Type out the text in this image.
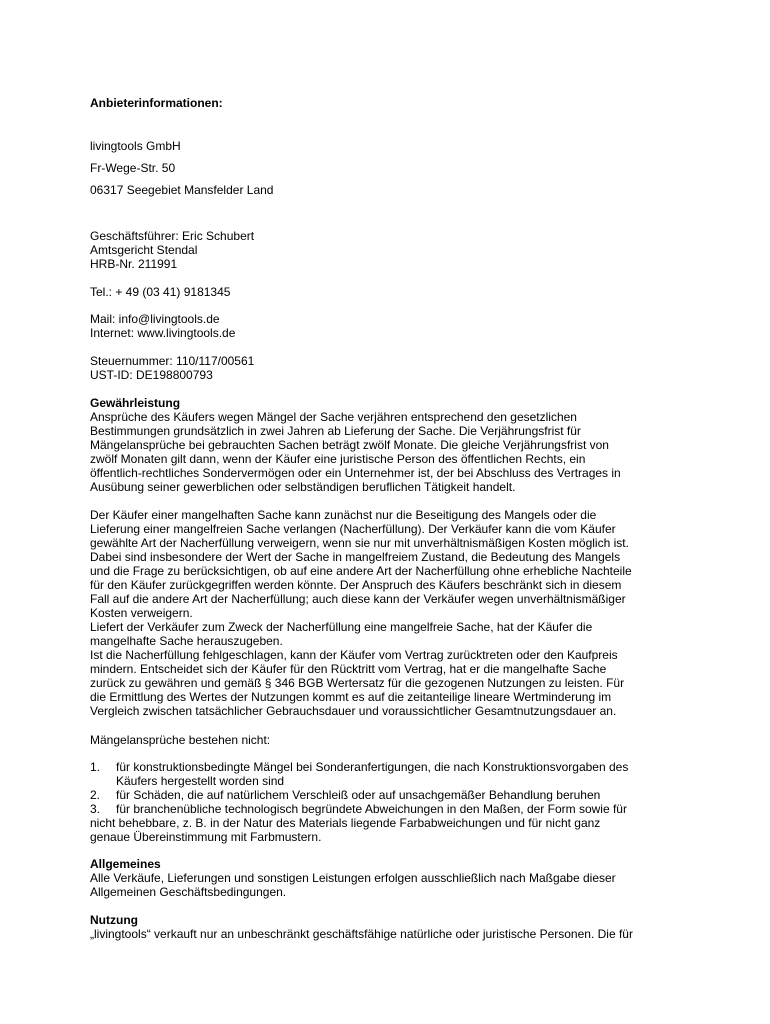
Anbieterinformationen:
livingtools GmbH
Fr-Wege-Str. 50
06317 Seegebiet Mansfelder Land
Geschäftsführer: Eric Schubert
Amtsgericht Stendal
HRB-Nr. 211991
Tel.: + 49 (03 41) 9181345
Mail: info@livingtools.de
Internet: www.livingtools.de
Steuernummer: 110/117/00561
UST-ID: DE198800793
Gewährleistung

Ansprüche des Käufers wegen Mängel der Sache verjähren entsprechend den gesetzlichen

Bestimmungen grundsätzlich in zwei Jahren ab Lieferung der Sache. Die Verjährungsfrist für

Mängelansprüche bei gebrauchten Sachen beträgt zwölf Monate. Die gleiche Verjährungsfrist von

zwölf Monaten gilt dann, wenn der Käufer eine juristische Person des öffentlichen Rechts, ein

öffentlich-rechtliches Sondervermögen oder ein Unternehmer ist, der bei Abschluss des Vertrages in

Ausübung seiner gewerblichen oder selbständigen beruflichen Tätigkeit handelt.

Der Käufer einer mangelhaften Sache kann zunächst nur die Beseitigung des Mangels oder die

Lieferung einer mangelfreien Sache verlangen (Nacherfüllung). Der Verkäufer kann die vom Käufer

gewählte Art der Nacherfüllung verweigern, wenn sie nur mit unverhältnismäßigen Kosten möglich ist.

Dabei sind insbesondere der Wert der Sache in mangelfreiem Zustand, die Bedeutung des Mangels

und die Frage zu berücksichtigen, ob auf eine andere Art der Nacherfüllung ohne erhebliche Nachteile

für den Käufer zurückgegriffen werden könnte. Der Anspruch des Käufers beschränkt sich in diesem

Fall auf die andere Art der Nacherfüllung; auch diese kann der Verkäufer wegen unverhältnismäßiger

Kosten verweigern.

Liefert der Verkäufer zum Zweck der Nacherfüllung eine mangelfreie Sache, hat der Käufer die

mangelhafte Sache herauszugeben.

Ist die Nacherfüllung fehlgeschlagen, kann der Käufer vom Vertrag zurücktreten oder den Kaufpreis

mindern. Entscheidet sich der Käufer für den Rücktritt vom Vertrag, hat er die mangelhafte Sache

zurück zu gewähren und gemäß § 346 BGB Wertersatz für die gezogenen Nutzungen zu leisten. Für

die Ermittlung des Wertes der Nutzungen kommt es auf die zeitanteilige lineare Wertminderung im

Vergleich zwischen tatsächlicher Gebrauchsdauer und voraussichtlicher Gesamtnutzungsdauer an.

Mängelansprüche bestehen nicht:
1. für konstruktionsbedingte Mängel bei Sonderanfertigungen, die nach Konstruktionsvorgaben des
Käufers hergestellt worden sind
2. für Schäden, die auf natürlichem Verschleiß oder auf unsachgemäßer Behandlung beruhen
3. für branchenübliche technologisch begründete Abweichungen in den Maßen, der Form sowie für
nicht behebbare, z. B. in der Natur des Materials liegende Farbabweichungen und für nicht ganz
genaue Übereinstimmung mit Farbmustern.
Allgemeines
Alle Verkäufe, Lieferungen und sonstigen Leistungen erfolgen ausschließlich nach Maßgabe dieser
Allgemeinen Geschäftsbedingungen.
Nutzung
„livingtools“ verkauft nur an unbeschränkt geschäftsfähige natürliche oder juristische Personen. Die für
